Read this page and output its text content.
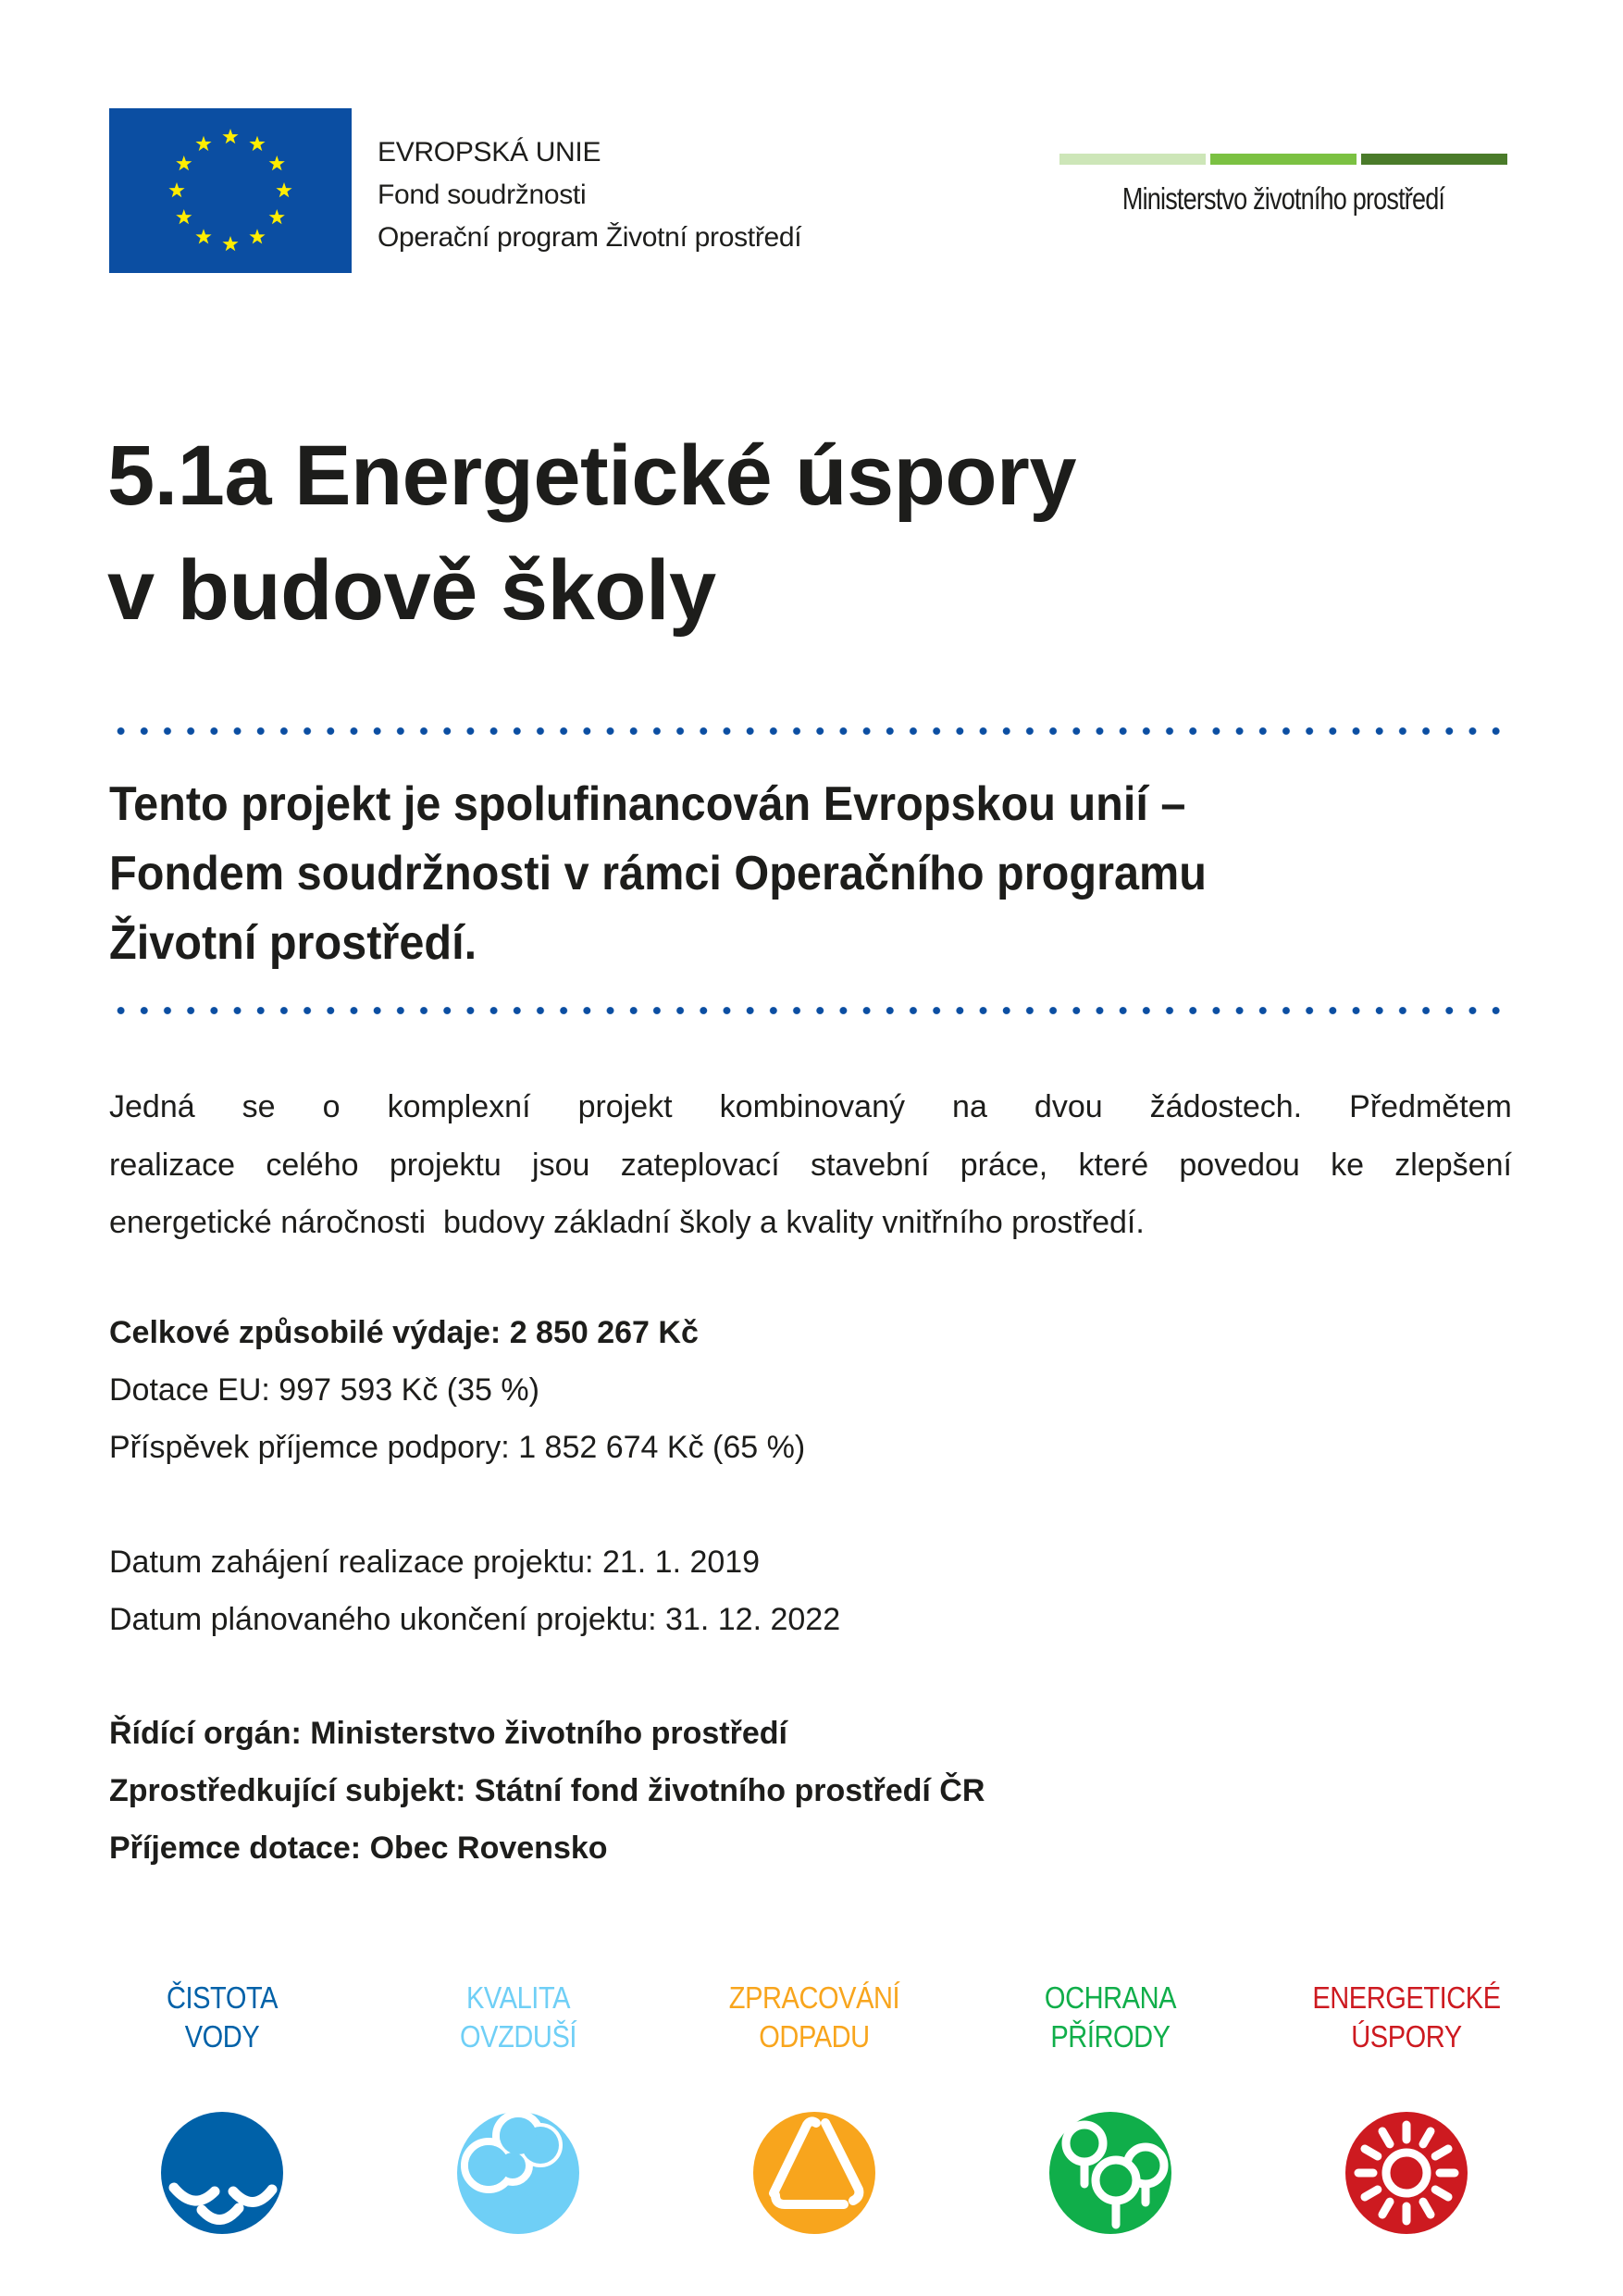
EVROPSKÁ UNIE
Fond soudržnosti
Operační program Životní prostředí
Ministerstvo životního prostředí
5.1a Energetické úspory
v budově školy
Tento projekt je spolufinancován Evropskou unií –
Fondem soudržnosti v rámci Operačního programu
Životní prostředí.
Jedná se o komplexní projekt kombinovaný na dvou žádostech. Předmětem
realizace celého projektu jsou zateplovací stavební práce, které povedou ke zlepšení
energetické náročnosti  budovy základní školy a kvality vnitřního prostředí.
Celkové způsobilé výdaje: 2 850 267 Kč
Dotace EU: 997 593 Kč (35 %)
Příspěvek příjemce podpory: 1 852 674 Kč (65 %)
Datum zahájení realizace projektu: 21. 1. 2019
Datum plánovaného ukončení projektu: 31. 12. 2022
Řídící orgán: Ministerstvo životního prostředí
Zprostředkující subjekt: Státní fond životního prostředí ČR
Příjemce dotace: Obec Rovensko
ČISTOTA
VODY
KVALITA
OVZDUŠÍ
ZPRACOVÁNÍ
ODPADU
OCHRANA
PŘÍRODY
ENERGETICKÉ
ÚSPORY
